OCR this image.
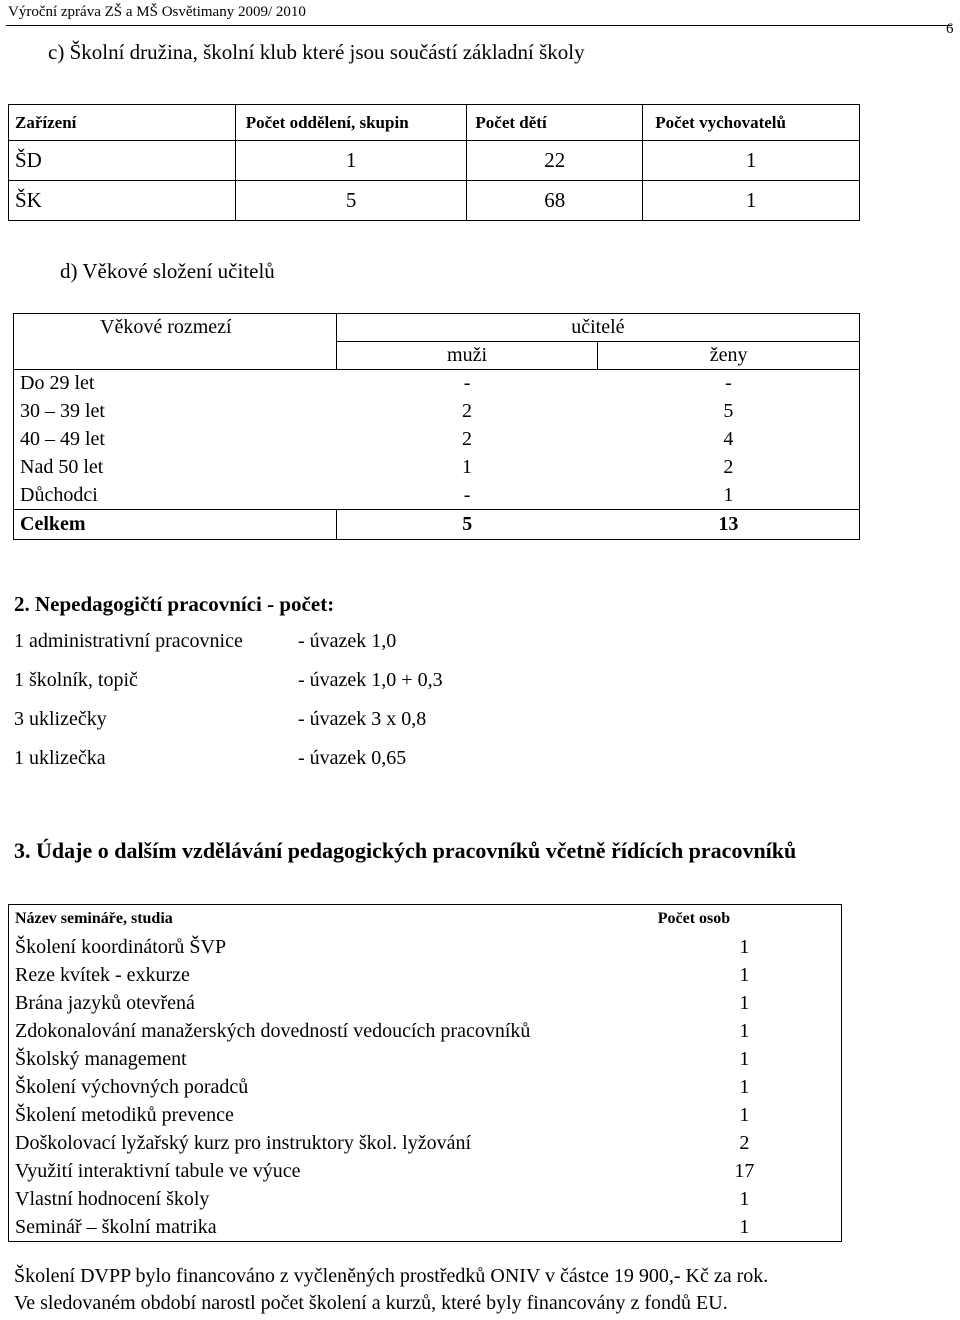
Výroční zpráva ZŠ a MŠ Osvětimany 2009/ 2010
6
c) Školní družina, školní klub které jsou součástí základní školy
Zařízení	Počet oddělení, skupin	Počet dětí	Počet vychovatelů
ŠD	1	22	1
ŠK	5	68	1
d) Věkové složení učitelů
Věkové rozmezí	učitelé	
	muži	ženy
Do 29 let	-	-
30 – 39 let	2	5
40 – 49 let	2	4
Nad 50 let	1	2
Důchodci	-	1
Celkem	5	13
2. Nepedagogičtí pracovníci - počet:
1 administrativní pracovnice	- úvazek 1,0
1 školník, topič	- úvazek 1,0 + 0,3
3 uklizečky	- úvazek 3 x 0,8
1 uklizečka	- úvazek 0,65
3. Údaje o dalším vzdělávání pedagogických pracovníků včetně řídících pracovníků
Název semináře, studia	Počet osob
Školení koordinátorů ŠVP	1
Reze kvítek - exkurze	1
Brána jazyků otevřená	1
Zdokonalování manažerských dovedností vedoucích pracovníků	1
Školský management	1
Školení výchovných poradců	1
Školení metodiků prevence	1
Doškolovací lyžařský kurz pro instruktory škol. lyžování	2
Využití interaktivní tabule ve výuce	17
Vlastní hodnocení školy	1
Seminář – školní matrika	1
Školení DVPP bylo financováno z vyčleněných prostředků ONIV v částce 19 900,- Kč za rok.
Ve sledovaném období narostl počet školení a kurzů, které byly financovány z fondů EU.
